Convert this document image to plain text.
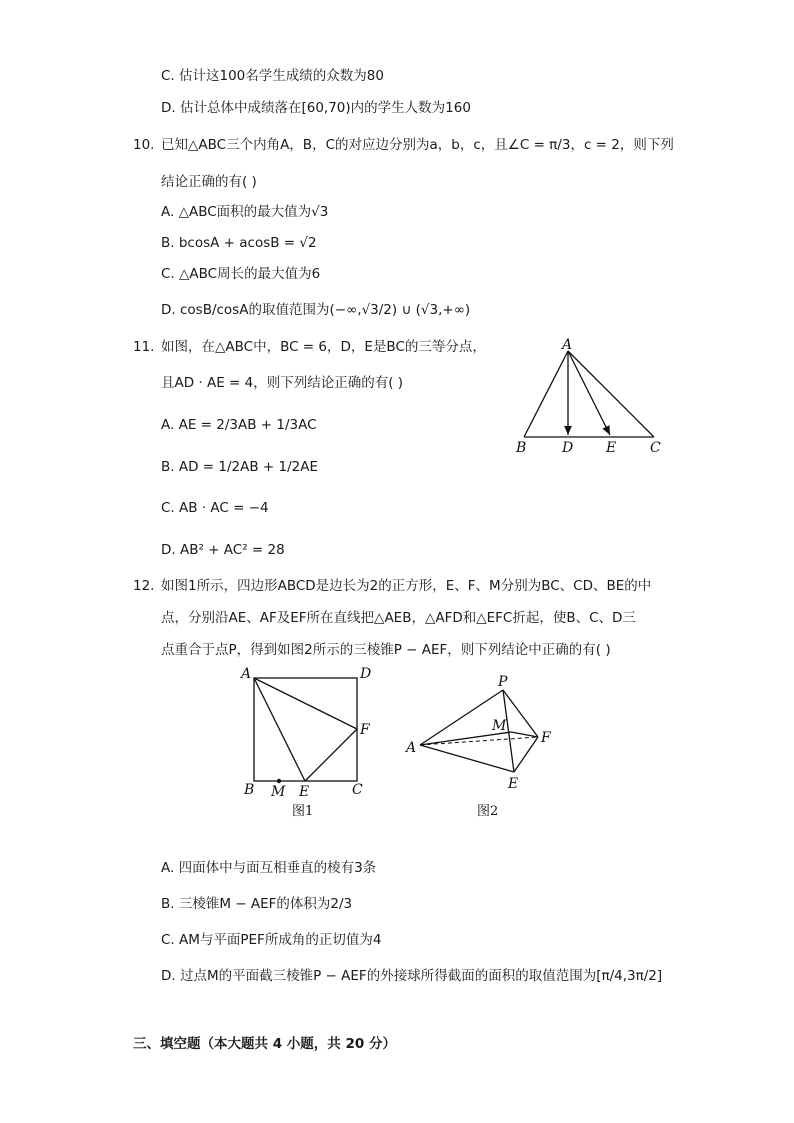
C. 估计这100名学生成绩的众数为80
D. 估计总体中成绩落在[60,70)内的学生人数为160
10. 已知△ABC三个内角A，B，C的对应边分别为a，b，c，且∠C = π/3，c = 2，则下列
结论正确的有( )
A. △ABC面积的最大值为√3
B. bcosA + acosB = √2
C. △ABC周长的最大值为6
D. cosB/cosA的取值范围为(−∞,√3/2) ∪ (√3,+∞)
11. 如图，在△ABC中，BC = 6，D，E是BC的三等分点，
且AD · AE = 4，则下列结论正确的有( )
A. AE = 2/3AB + 1/3AC
B. AD = 1/2AB + 1/2AE
C. AB · AC = −4
D. AB² + AC² = 28
A
B	D E C
12. 如图1所示，四边形ABCD是边长为2的正方形，E、F、M分别为BC、CD、BE的中
点，分别沿AE、AF及EF所在直线把△AEB，△AFD和△EFC折起，使B、C、D三
点重合于点P，得到如图2所示的三棱锥P − AEF，则下列结论中正确的有( )
A	D
F
B M E	C
图1
P
M
A
F
E
图2
A. 四面体中与面互相垂直的棱有3条
B. 三棱锥M − AEF的体积为2/3
C. AM与平面PEF所成角的正切值为4
D. 过点M的平面截三棱锥P − AEF的外接球所得截面的面积的取值范围为[π/4,3π/2]
三、填空题（本大题共 4 小题，共 20 分）
